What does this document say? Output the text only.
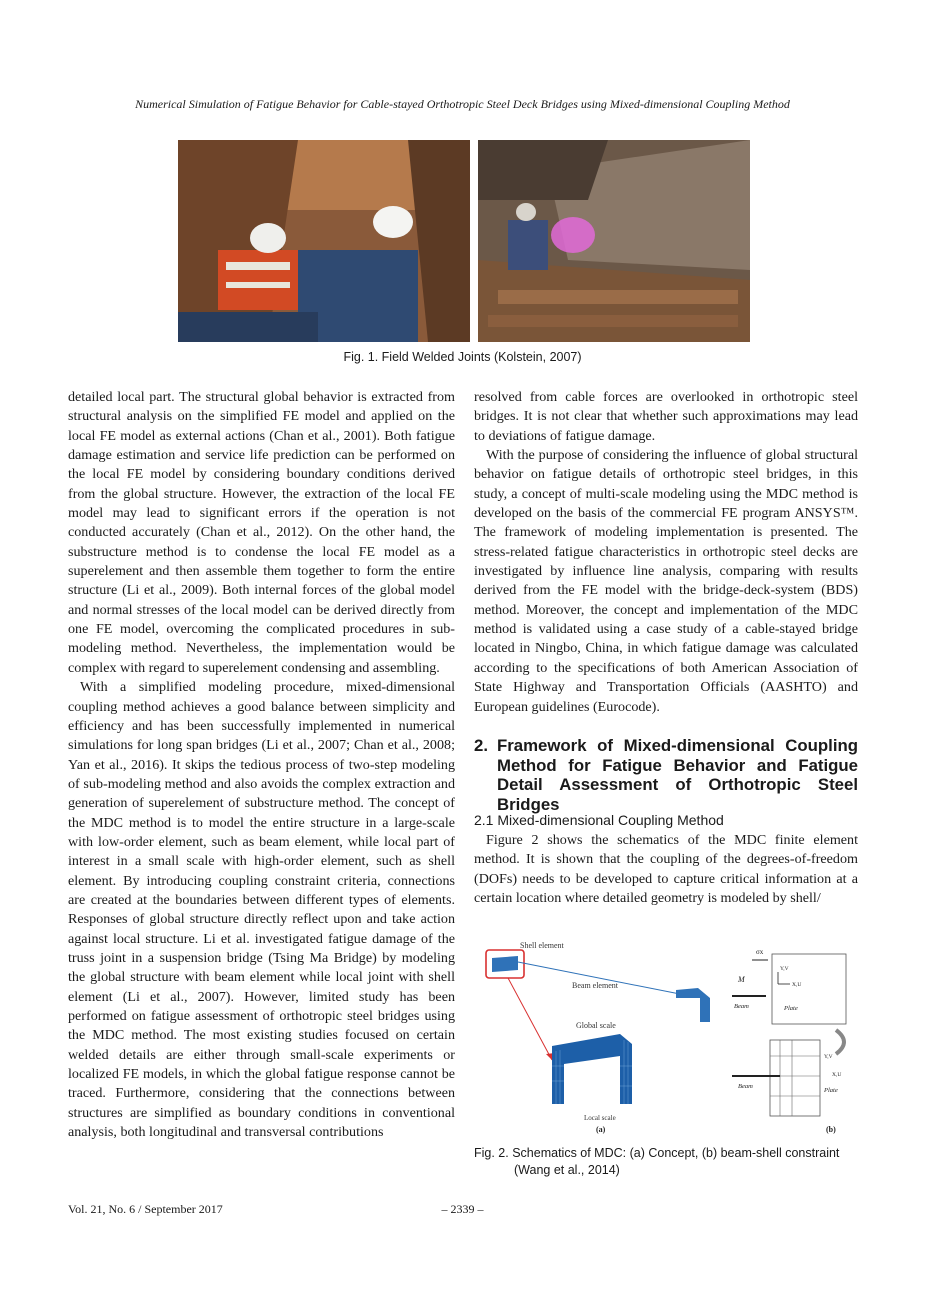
Numerical Simulation of Fatigue Behavior for Cable-stayed Orthotropic Steel Deck Bridges using Mixed-dimensional Coupling Method
Fig. 1. Field Welded Joints (Kolstein, 2007)

detailed local part. The structural global behavior is extracted from structural analysis on the simplified FE model and applied on the local FE model as external actions (Chan et al., 2001). Both fatigue damage estimation and service life prediction can be performed on the local FE model by considering boundary conditions derived from the global structure. However, the extraction of the local FE model may lead to significant errors if the operation is not conducted accurately (Chan et al., 2012). On the other hand, the substructure method is to condense the local FE model as a superelement and then assemble them together to form the entire structure (Li et al., 2009). Both internal forces of the global model and normal stresses of the local model can be derived directly from one FE model, overcoming the complicated procedures in sub-modeling method. Nevertheless, the implementation would be complex with regard to superelement condensing and assembling.

With a simplified modeling procedure, mixed-dimensional coupling method achieves a good balance between simplicity and efficiency and has been successfully implemented in numerical simulations for long span bridges (Li et al., 2007; Chan et al., 2008; Yan et al., 2016). It skips the tedious process of two-step modeling of sub-modeling method and also avoids the complex extraction and generation of superelement of substructure method. The concept of the MDC method is to model the entire structure in a large-scale with low-order element, such as beam element, while local part of interest in a small scale with high-order element, such as shell element. By introducing coupling constraint criteria, connections are created at the boundaries between different types of elements. Responses of global structure directly reflect upon and take action against local structure. Li et al. investigated fatigue damage of the truss joint in a suspension bridge (Tsing Ma Bridge) by modeling the global structure with beam element while local joint with shell element (Li et al., 2007). However, limited study has been performed on fatigue assessment of orthotropic steel bridges using the MDC method. The most existing studies focused on certain welded details are either through small-scale experiments or localized FE models, in which the global fatigue response cannot be traced. Furthermore, considering that the connections between structures are simplified as boundary conditions in conventional analysis, both longitudinal and transversal contributions

resolved from cable forces are overlooked in orthotropic steel bridges. It is not clear that whether such approximations may lead to deviations of fatigue damage.

With the purpose of considering the influence of global structural behavior on fatigue details of orthotropic steel bridges, in this study, a concept of multi-scale modeling using the MDC method is developed on the basis of the commercial FE program ANSYS™. The framework of modeling implementation is presented. The stress-related fatigue characteristics in orthotropic steel decks are investigated by influence line analysis, comparing with results derived from the FE model with the bridge-deck-system (BDS) method. Moreover, the concept and implementation of the MDC method is validated using a case study of a cable-stayed bridge located in Ningbo, China, in which fatigue damage was calculated according to the specifications of both American Association of State Highway and Transportation Officials (AASHTO) and European guidelines (Eurocode).

2. Framework of Mixed-dimensional Coupling Method for Fatigue Behavior and Fatigue Detail Assessment of Orthotropic Steel Bridges
2.1 Mixed-dimensional Coupling Method

Figure 2 shows the schematics of the MDC finite element method. It is shown that the coupling of the degrees-of-freedom (DOFs) needs to be developed to capture critical information at a certain location where detailed geometry is modeled by shell/

Shell element
Beam element
Global scale
Local scale
(a)
σx
M
Beam
Y,V
X,U
Plate
Beam
Y,V
X,U
Plate
(b)
Fig. 2. Schematics of MDC: (a) Concept, (b) beam-shell constraint
(Wang et al., 2014)
Vol. 21, No. 6 / September 2017	– 2339 –
